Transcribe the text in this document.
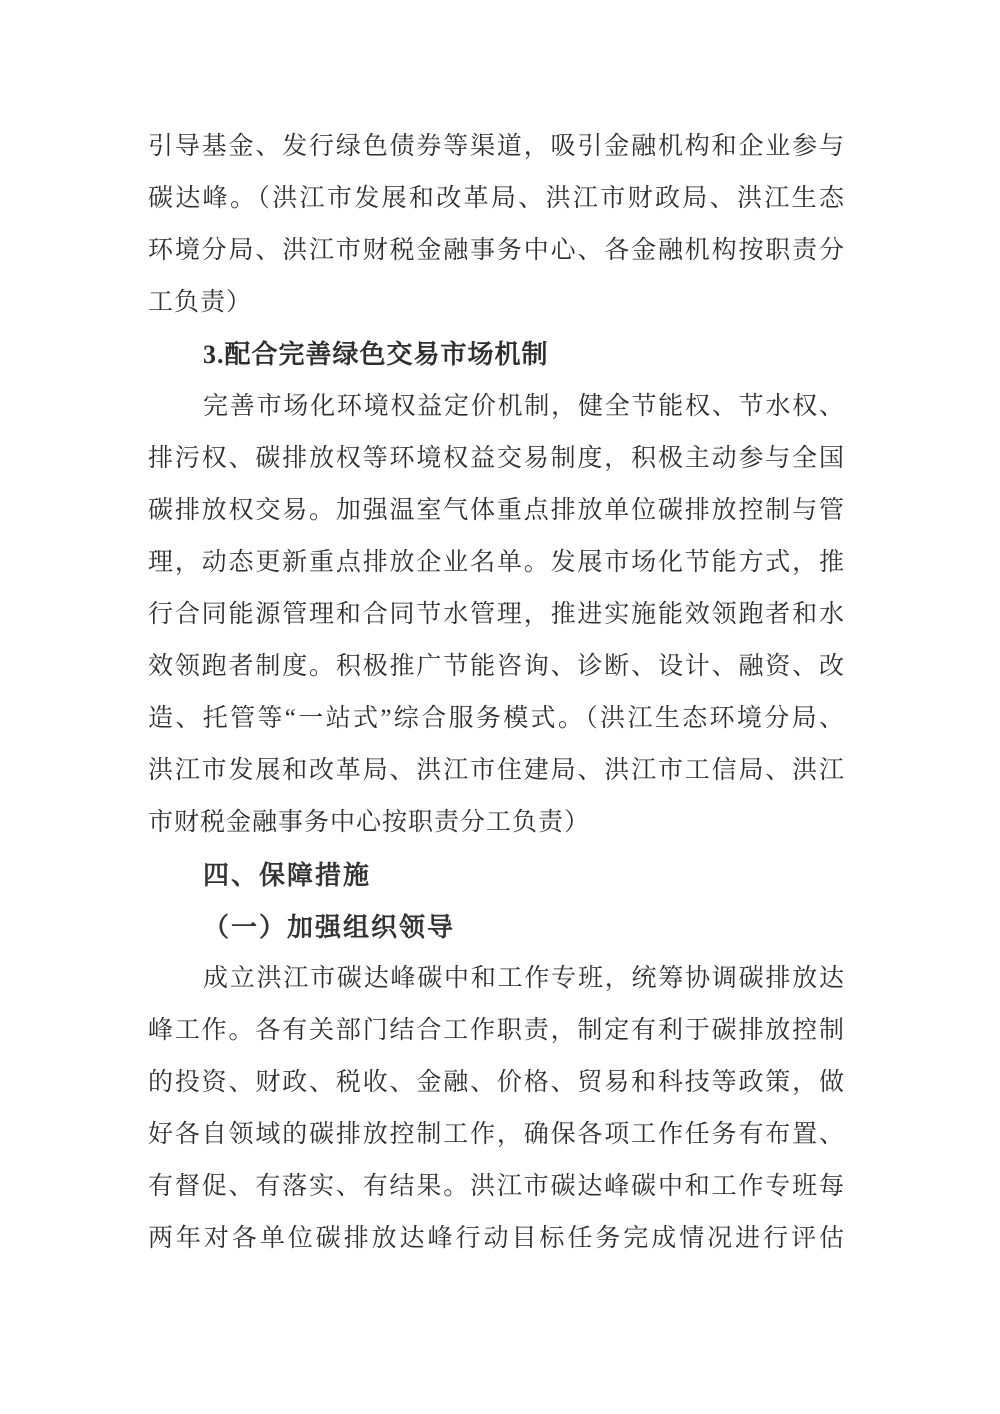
引导基金、发行绿色债券等渠道，吸引金融机构和企业参与
碳达峰。（洪江市发展和改革局、洪江市财政局、洪江生态
环境分局、洪江市财税金融事务中心、各金融机构按职责分
工负责）
3.配合完善绿色交易市场机制
完善市场化环境权益定价机制，健全节能权、节水权、
排污权、碳排放权等环境权益交易制度，积极主动参与全国
碳排放权交易。加强温室气体重点排放单位碳排放控制与管
理，动态更新重点排放企业名单。发展市场化节能方式，推
行合同能源管理和合同节水管理，推进实施能效领跑者和水
效领跑者制度。积极推广节能咨询、诊断、设计、融资、改
造、托管等“一站式”综合服务模式。（洪江生态环境分局、
洪江市发展和改革局、洪江市住建局、洪江市工信局、洪江
市财税金融事务中心按职责分工负责）
四、保障措施
（一）加强组织领导
成立洪江市碳达峰碳中和工作专班，统筹协调碳排放达
峰工作。各有关部门结合工作职责，制定有利于碳排放控制
的投资、财政、税收、金融、价格、贸易和科技等政策，做
好各自领域的碳排放控制工作，确保各项工作任务有布置、
有督促、有落实、有结果。洪江市碳达峰碳中和工作专班每
两年对各单位碳排放达峰行动目标任务完成情况进行评估
